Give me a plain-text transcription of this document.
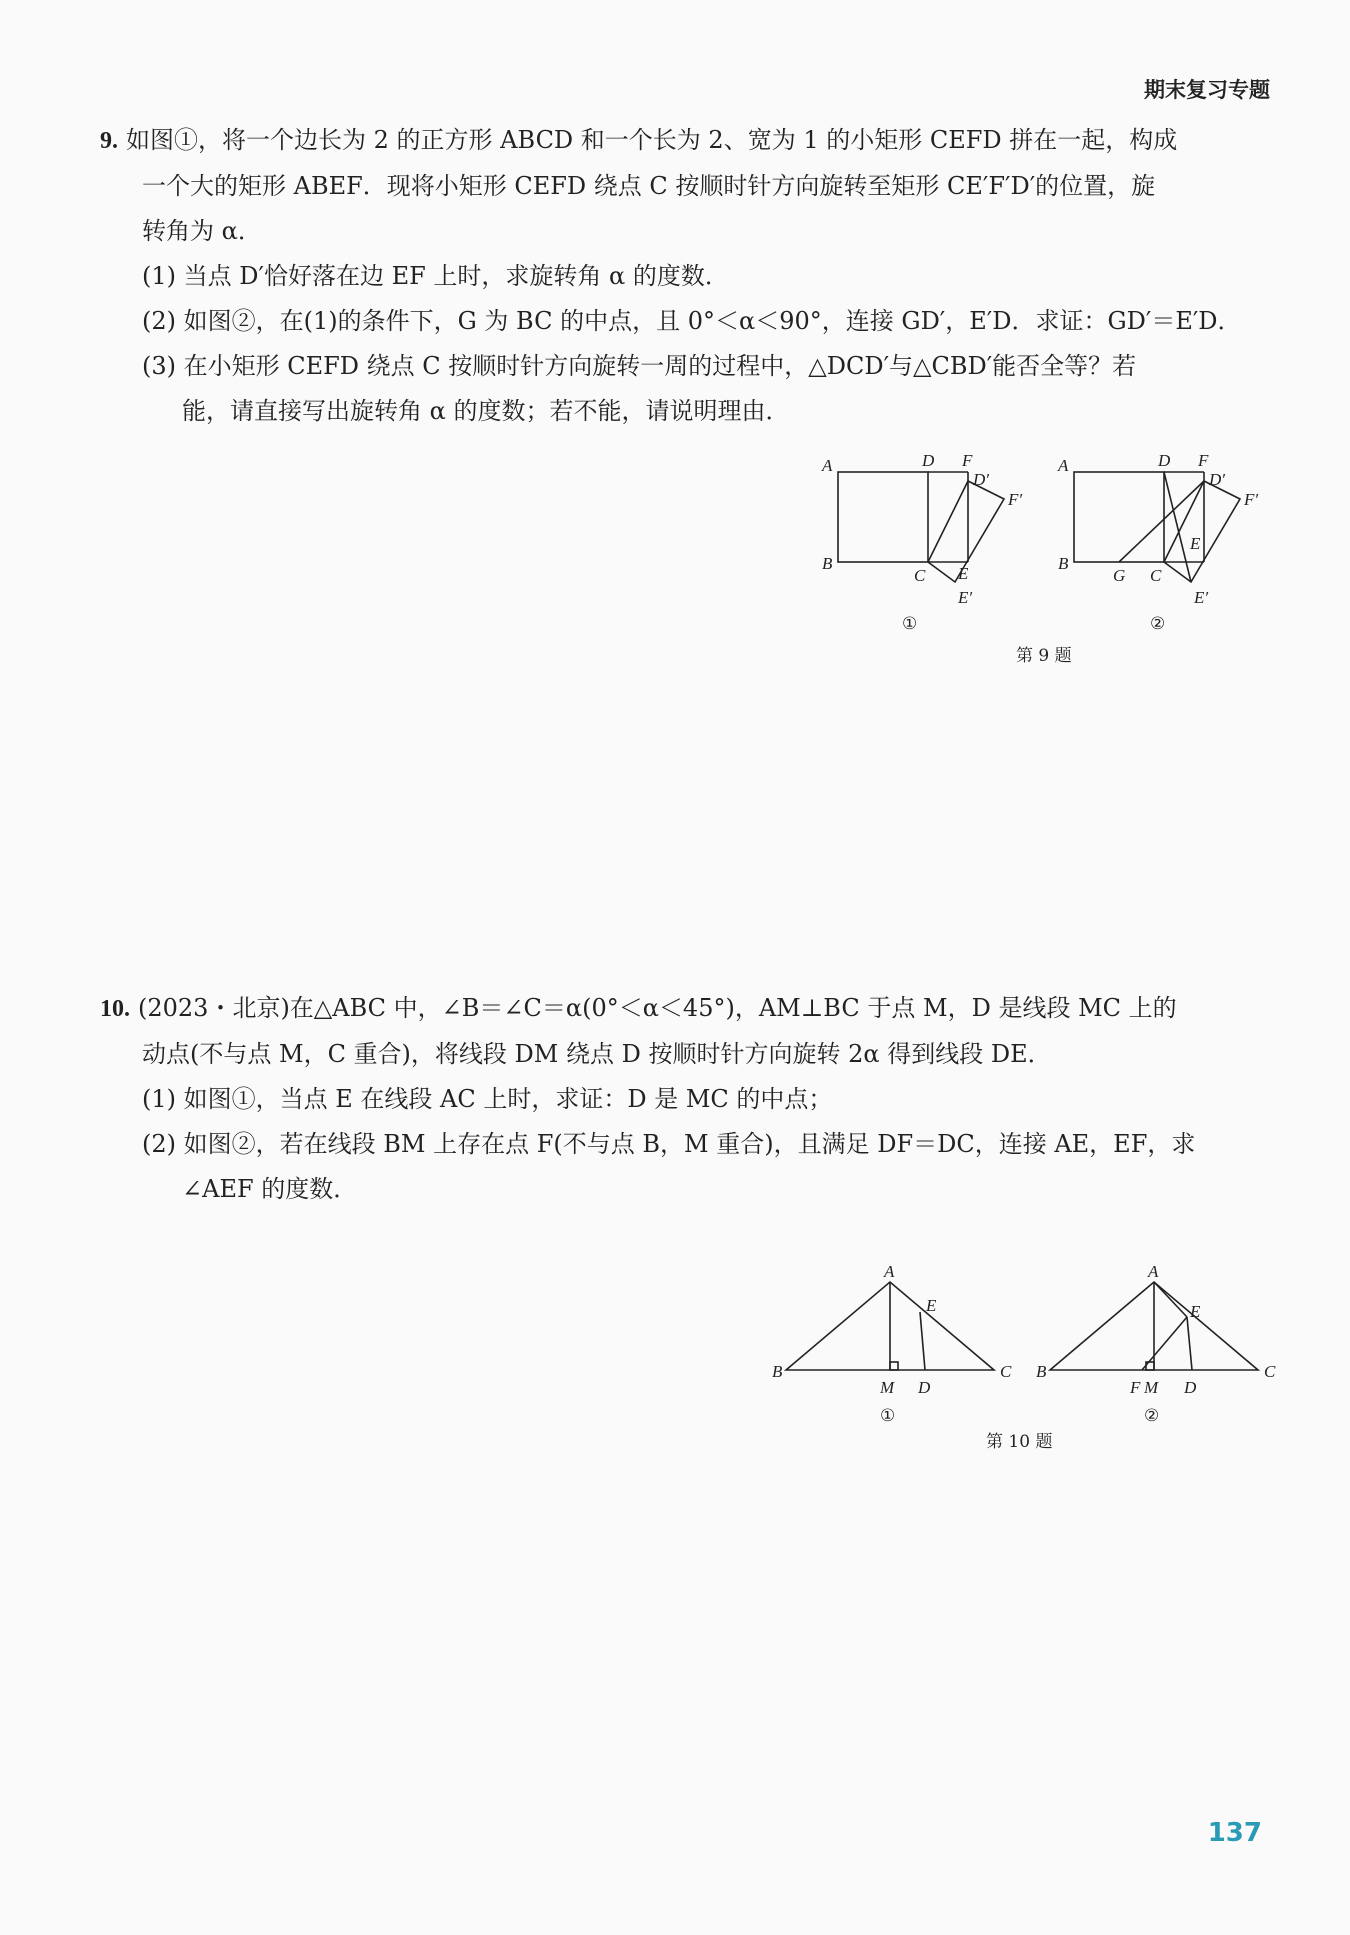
期末复习专题
9. 如图①，将一个边长为 2 的正方形 ABCD 和一个长为 2、宽为 1 的小矩形 CEFD 拼在一起，构成
一个大的矩形 ABEF．现将小矩形 CEFD 绕点 C 按顺时针方向旋转至矩形 CE′F′D′的位置，旋
转角为 α．
(1) 当点 D′恰好落在边 EF 上时，求旋转角 α 的度数．
(2) 如图②，在(1)的条件下，G 为 BC 的中点，且 0°＜α＜90°，连接 GD′，E′D．求证：GD′＝E′D．
(3) 在小矩形 CEFD 绕点 C 按顺时针方向旋转一周的过程中，△DCD′与△CBD′能否全等？若
能，请直接写出旋转角 α 的度数；若不能，请说明理由．
A	D F
D′
F′
B
C E
E′
①
A	D F
D′
F′
B
G C
E
E′
②
第 9 题
10. (2023・北京)在△ABC 中，∠B＝∠C＝α(0°＜α＜45°)，AM⊥BC 于点 M，D 是线段 MC 上的
动点(不与点 M，C 重合)，将线段 DM 绕点 D 按顺时针方向旋转 2α 得到线段 DE．
(1) 如图①，当点 E 在线段 AC 上时，求证：D 是 MC 的中点；
(2) 如图②，若在线段 BM 上存在点 F(不与点 B，M 重合)，且满足 DF＝DC，连接 AE，EF，求
∠AEF 的度数．
B
A
C
E
M D
①
B
A
C
E
F M D
②
第 10 题
137
